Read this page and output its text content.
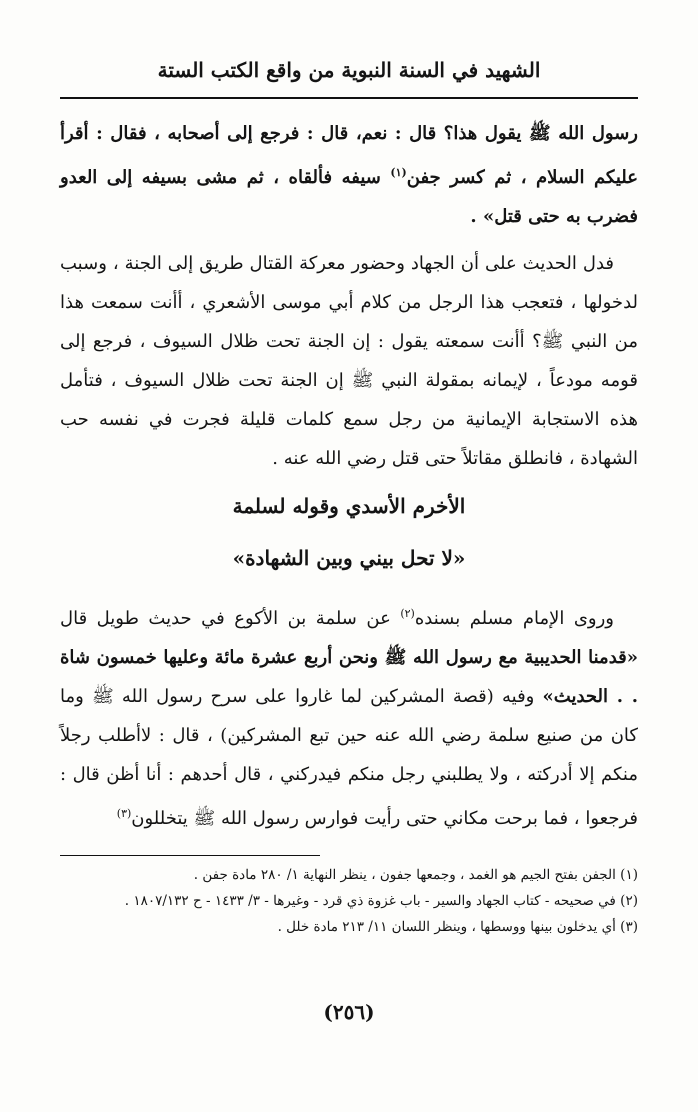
الشهيد في السنة النبوية من واقع الكتب الستة
رسول الله ﷺ يقول هذا؟ قال : نعم، قال : فرجع إلى أصحابه ، فقال : أقرأ عليكم السلام ، ثم كسر جفن$^{(١)}$ سيفه فألقاه ، ثم مشى بسيفه إلى العدو فضرب به حتى قتل» .
فدل الحديث على أن الجهاد وحضور معركة القتال طريق إلى الجنة ، وسبب لدخولها ، فتعجب هذا الرجل من كلام أبي موسى الأشعري ، أأنت سمعت هذا من النبي ﷺ؟ أأنت سمعته يقول : إن الجنة تحت ظلال السيوف ، فرجع إلى قومه مودعاً ، لإيمانه بمقولة النبي ﷺ إن الجنة تحت ظلال السيوف ، فتأمل هذه الاستجابة الإيمانية من رجل سمع كلمات قليلة فجرت في نفسه حب الشهادة ، فانطلق مقاتلاً حتى قتل رضي الله عنه .
الأخرم الأسدي وقوله لسلمة
«لا تحل بيني وبين الشهادة»
وروى الإمام مسلم بسنده$^{(٢)}$ عن سلمة بن الأكوع في حديث طويل قال «قدمنا الحديبية مع رسول الله ﷺ ونحن أربع عشرة مائة وعليها خمسون شاة . . الحديث» وفيه (قصة المشركين لما غاروا على سرح رسول الله ﷺ وما كان من صنيع سلمة رضي الله عنه حين تبع المشركين) ، قال : لاأطلب رجلاً منكم إلا أدركته ، ولا يطلبني رجل منكم فيدركني ، قال أحدهم : أنا أظن قال : فرجعوا ، فما برحت مكاني حتى رأيت فوارس رسول الله ﷺ يتخللون$^{(٣)}$

(١) الجفن بفتح الجيم هو الغمد ، وجمعها جفون ، ينظر النهاية ١/ ٢٨٠ مادة جفن .

(٢) في صحيحه - كتاب الجهاد والسير - باب غزوة ذي قرد - وغيرها - ٣/ ١٤٣٣ - ح ١٨٠٧/١٣٢ .

(٣) أي يدخلون بينها ووسطها ، وينظر اللسان ١١/ ٢١٣ مادة خلل .

(٢٥٦)
